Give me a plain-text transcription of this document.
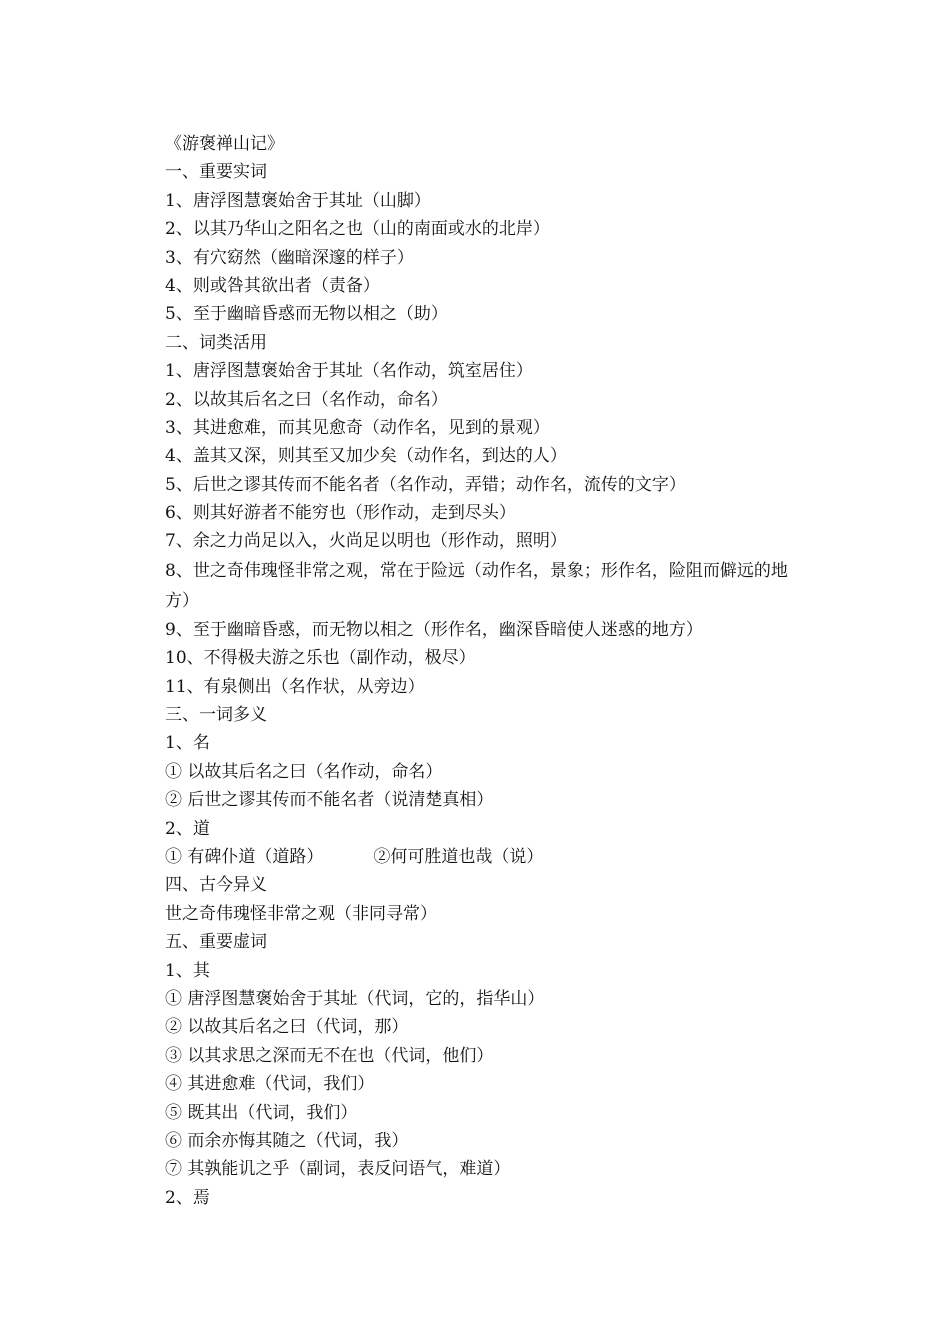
《游褒禅山记》
一、重要实词
1、唐浮图慧褒始舍于其址（山脚）
2、以其乃华山之阳名之也（山的南面或水的北岸）
3、有穴窈然（幽暗深邃的样子）
4、则或咎其欲出者（责备）
5、至于幽暗昏惑而无物以相之（助）
二、词类活用
1、唐浮图慧褒始舍于其址（名作动，筑室居住）
2、以故其后名之曰（名作动，命名）
3、其进愈难，而其见愈奇（动作名，见到的景观）
4、盖其又深，则其至又加少矣（动作名，到达的人）
5、后世之谬其传而不能名者（名作动，弄错；动作名，流传的文字）
6、则其好游者不能穷也（形作动，走到尽头）
7、余之力尚足以入，火尚足以明也（形作动，照明）
8、世之奇伟瑰怪非常之观，常在于险远（动作名，景象；形作名，险阻而僻远的地方）
9、至于幽暗昏惑，而无物以相之（形作名，幽深昏暗使人迷惑的地方）
10、不得极夫游之乐也（副作动，极尽）
11、有泉侧出（名作状，从旁边）
三、一词多义
1、名
① 以故其后名之曰（名作动，命名）
② 后世之谬其传而不能名者（说清楚真相）
2、道
① 有碑仆道（道路）	②何可胜道也哉（说）
四、古今异义
世之奇伟瑰怪非常之观（非同寻常）
五、重要虚词
1、其
① 唐浮图慧褒始舍于其址（代词，它的，指华山）
② 以故其后名之曰（代词，那）
③ 以其求思之深而无不在也（代词，他们）
④ 其进愈难（代词，我们）
⑤ 既其出（代词，我们）
⑥ 而余亦悔其随之（代词，我）
⑦ 其孰能讥之乎（副词，表反问语气，难道）
2、焉
